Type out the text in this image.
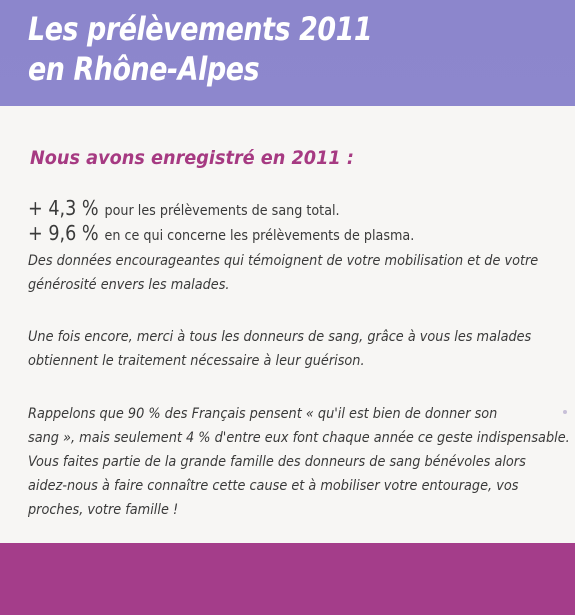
Les prélèvements 2011
en Rhône-Alpes
Nous avons enregistré en 2011 :
+ 4,3 % pour les prélèvements de sang total.
+ 9,6 % en ce qui concerne les prélèvements de plasma.
Des données encourageantes qui témoignent de votre mobilisation et de votre
générosité envers les malades.
Une fois encore, merci à tous les donneurs de sang, grâce à vous les malades
obtiennent le traitement nécessaire à leur guérison.
Rappelons que 90 % des Français pensent « qu'il est bien de donner son
sang », mais seulement 4 % d'entre eux font chaque année ce geste indispensable.
Vous faites partie de la grande famille des donneurs de sang bénévoles alors
aidez-nous à faire connaître cette cause et à mobiliser votre entourage, vos
proches, votre famille !
